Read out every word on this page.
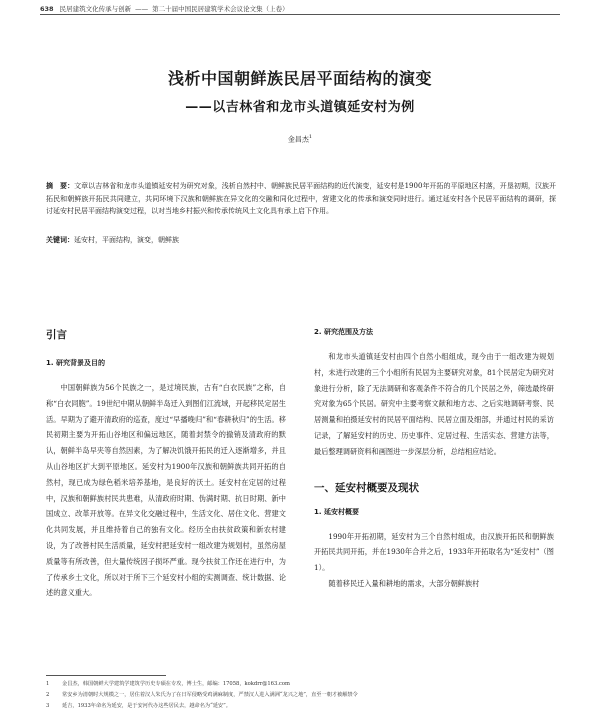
638 民居建筑文化传承与创新 —— 第二十届中国民居建筑学术会议论文集（上卷）
浅析中国朝鲜族民居平面结构的演变
——以吉林省和龙市头道镇延安村为例
金昌杰$^1$
摘　要：文章以吉林省和龙市头道镇延安村为研究对象，浅析自然村中、朝鲜族民居平面结构的近代演变，延安村是1900年开拓的平原地区村落，开垦初期，汉族开拓民和朝鲜族开拓民共同建立，共同环境下汉族和朝鲜族在异文化的交融和同化过程中，营建文化的传承和演变同时进行。通过延安村各个民居平面结构的调研，探讨延安村民居平面结构演变过程，以对当地乡村振兴和传承传统风土文化具有承上启下作用。
关键词：延安村，平面结构，演变，朝鲜族
引言
1. 研究背景及目的

中国朝鲜族为56个民族之一，是过境民族，古有“白衣民族”之称，自称“白衣同胞”。19世纪中期从朝鲜半岛迁入到图们江流域，开起移民定居生活。早期为了避开清政府的巡查，度过“早播晚归”和“春耕秋归”的生活。移民初期主要为开拓山谷地区和偏远地区，随着封禁令的撤销及清政府的默认，朝鲜半岛早夹等自然因素，为了解决饥饿开拓民的迁入逐渐增多，并且从山谷地区扩大到平原地区。延安村为1900年汉族和朝鲜族共同开拓的自然村，现已成为绿色稻米培养基地，是良好的沃土。延安村在定居的过程中，汉族和朝鲜族村民共患难，从清政府时期、伪满时期、抗日时期、新中国成立、改革开放等。在异文化交融过程中，生活文化、居住文化、营建文化共同发展，并且维持着自己的独有文化。经历全由扶贫政策和新农村建设，为了改善村民生活质量，延安村把延安村一组改建为规划村，虽然房屋质量等有所改善，但大量传统因子损坏严重。现今扶贫工作还在进行中，为了传承乡土文化，所以对于所下三个延安村小组的实测调查、统计数据、论述的意义重大。

2. 研究范围及方法

和龙市头道镇延安村由四个自然小组组成，现今由于一组改建为规划村，未进行改建的三个小组所有民居为主要研究对象，81个民居定为研究对象进行分析，除了无法调研和客观条件不符合的几个民居之外，筛选最终研究对象为65个民居。研究中主要考察文献和地方志、之后实地调研考察、民居测量和拍摄延安村的民居平面结构、民居立面及细部，并通过村民的采访记录，了解延安村的历史、历史事件、定居过程、生活实态、营建方法等，最后整理调研资料和画图进一步深层分析，总结相应结论。

一、延安村概要及现状
1. 延安村概要

1990年开拓初期，延安村为三个自然村组成，由汉族开拓民和朝鲜族开拓民共同开拓，并在1930年合并之后，1933年开拓取名为“延安村”（图1）。

随着移民迁入量和耕地的需求，大部分朝鲜族村

1 金昌杰，韩国朝鲜大学建筑学建筑学历史专硕在专攻，博士生，邮编：17058，kokdrr@163.com
2 常安乡为清朝时大规模之一，居住着汉人朱氏为了在日军侵略受鸡满麻制度，严禁汉人进入满洲“龙兴之地”，直至一朝才被解禁令
3 延吉，1933年命名为延安，是于安河代办这些居民去，越命名为“延安”。
